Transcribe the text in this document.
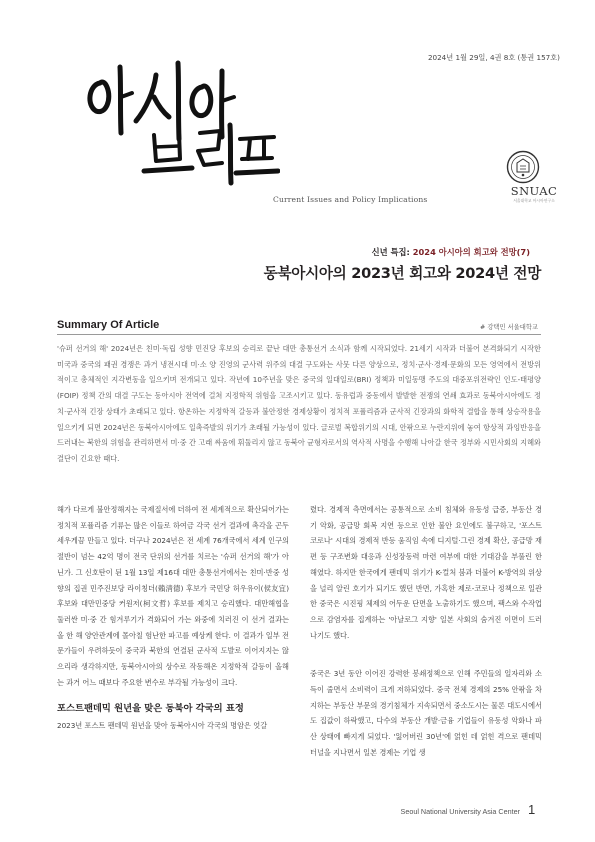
2024년 1월 29일, 4권 8호 (통권 157호)
Current Issues and Policy Implications
SNUAC
서울대학교 아시아연구소
신년 특집: 2024 아시아의 회고와 전망(7)
동북아시아의 2023년 회고와 2024년 전망
Summary Of Article	# 강택민 서울대학교
'슈퍼 선거의 해' 2024년은 친미·독립 성향 민진당 후보의 승리로 끝난 대만 총통선거 소식과 함께 시작되었다. 21세기 시작과 더불어 본격화되기 시작한 미국과 중국의 패권 경쟁은 과거 냉전시대 미·소 양 진영의 군사력 위주의 대결 구도와는 사뭇 다른 양상으로, 정치·군사·경제·문화의 모든 영역에서 전방위적이고 총체적인 지각변동을 일으키며 전개되고 있다. 작년에 10주년을 맞은 중국의 일대일로(BRI) 정책과 미일동맹 주도의 대중포위전략인 인도-태평양(FOIP) 정책 간의 대결 구도는 동아시아 전역에 걸쳐 지정학적 위험을 고조시키고 있다. 동유럽과 중동에서 발발한 전쟁의 연쇄 효과로 동북아시아에도 정치·군사적 긴장 상태가 초래되고 있다. 항온하는 지정학적 갈등과 불안정한 경제상황이 정치적 포퓰리즘과 군사적 긴장과의 화학적 결합을 통해 상승작용을 일으키게 되면 2024년은 동북아시아에도 일촉즉발의 위기가 초래될 가능성이 있다. 글로벌 복합위기의 시대, 안팎으로 누란지위에 놓여 항상적 과잉반응을 드러내는 북한의 위험을 관리하면서 미·중 간 고래 싸움에 휘둘리지 않고 동북아 균형자로서의 역사적 사명을 수행해 나아갈 한국 정부와 시민사회의 지혜와 결단이 긴요한 때다.

해가 다르게 불안정해지는 국제질서에 더하여 전 세계적으로 확산되어가는 정치적 포퓰리즘 기류는 많은 이들로 하여금 각국 선거 결과에 촉각을 곤두세우게끔 만들고 있다. 더구나 2024년은 전 세계 76개국에서 세계 인구의 절반이 넘는 42억 명이 전국 단위의 선거를 치르는 '슈퍼 선거의 해'가 아닌가. 그 신호탄이 된 1월 13일 제16대 대만 총통선거에서는 친미·반중 성향의 집권 민주진보당 라이칭더(賴淸德) 후보가 국민당 허우유이(侯友宜) 후보와 대만민중당 커원저(柯文哲) 후보를 제치고 승리했다. 대만해협을 둘러싼 미·중 간 힘겨루기가 격화되어 가는 와중에 치러진 이 선거 결과는 올 한 해 양안관계에 몰아칠 험난한 파고를 예상케 한다. 이 결과가 일부 전문가들이 우려하듯이 중국과 북한의 연결된 군사적 도발로 이어지지는 않으리라 생각하지만, 동북아시아의 상수로 작동해온 지정학적 갈등이 올해는 과거 어느 때보다 주요한 변수로 부각될 가능성이 크다.

포스트팬데믹 원년을 맞은 동북아 각국의 표정

2023년 포스트 팬데믹 원년을 맞아 동북아시아 각국의 명암은 엇갈

렸다. 경제적 측면에서는 공통적으로 소비 침체와 유동성 급증, 부동산 경기 악화, 공급망 회복 지연 등으로 인한 불안 요인에도 불구하고, '포스트 코로나' 시대의 경제적 반등 움직임 속에 디지털·그린 경제 확산, 공급망 재편 등 구조변화 대응과 신성장동력 마련 여부에 대한 기대감을 부풀린 한 해였다. 하지만 한국에게 팬데믹 위기가 K-컬처 붐과 더불어 K-방역의 위상을 널리 알린 호기가 되기도 했던 반면, 가혹한 제로-코로나 정책으로 일관한 중국은 시진핑 체제의 어두운 단면을 노출하기도 했으며, 팩스와 수작업으로 감염자를 집계하는 '아날로그 지향' 일본 사회의 숨겨진 이면이 드러나기도 했다.

중국은 3년 동안 이어진 강력한 봉쇄정책으로 인해 주민들의 일자리와 소득이 줄면서 소비력이 크게 저하되었다. 중국 전체 경제의 25% 안팎을 차지하는 부동산 부문의 경기침체가 지속되면서 중소도시는 물론 대도시에서도 집값이 하락했고, 다수의 부동산 개발·금융 기업들이 유동성 악화나 파산 상태에 빠지게 되었다. '잃어버린 30년'에 얽힌 데 얽힌 격으로 팬데믹 터널을 지나면서 일본 경제는 기업 생

Seoul National University Asia Center 1
